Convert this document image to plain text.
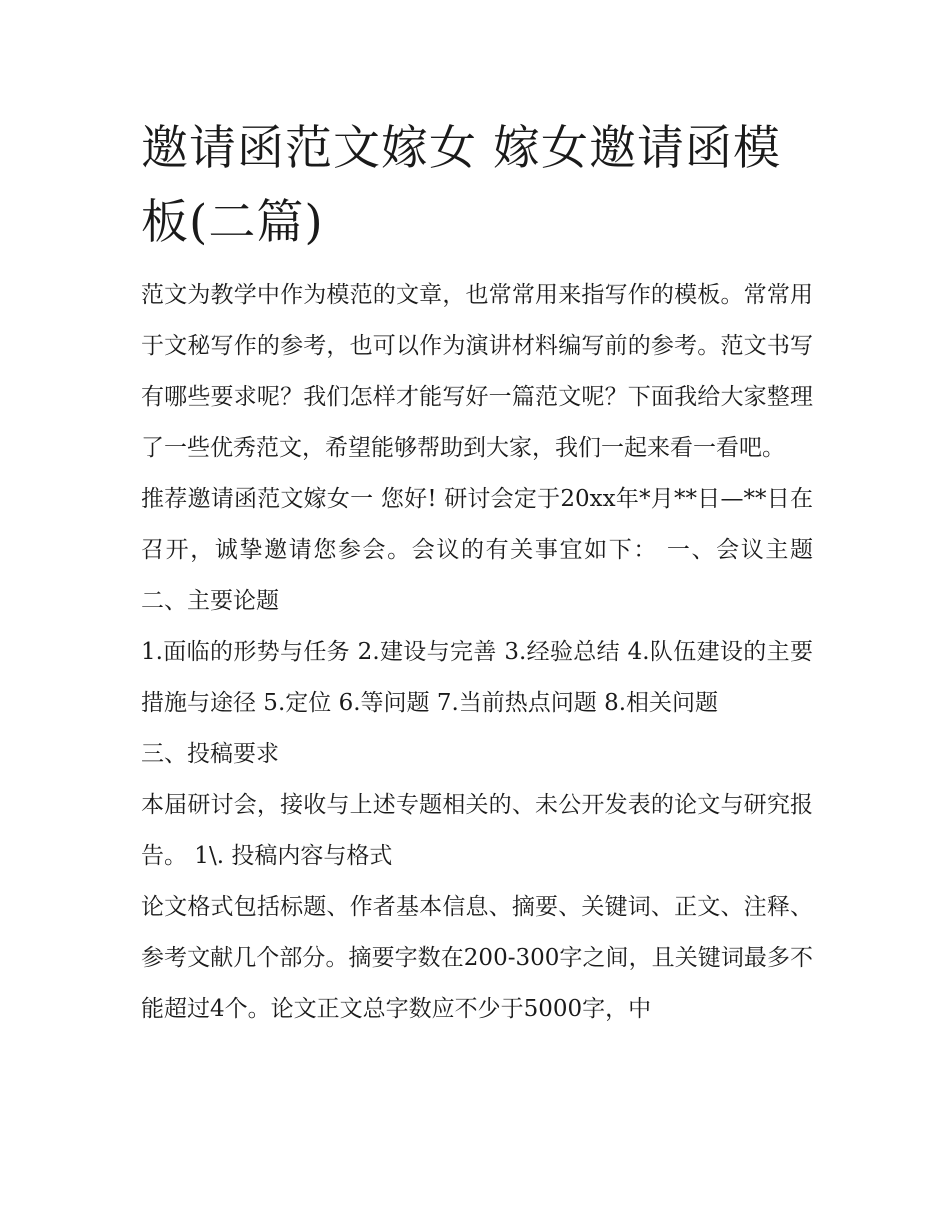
邀请函范文嫁女 嫁女邀请函模板(二篇)

范文为教学中作为模范的文章，也常常用来指写作的模板。常常用于文秘写作的参考，也可以作为演讲材料编写前的参考。范文书写有哪些要求呢？我们怎样才能写好一篇范文呢？下面我给大家整理了一些优秀范文，希望能够帮助到大家，我们一起来看一看吧。

推荐邀请函范文嫁女一 您好! 研讨会定于20xx年*月**日—**日在召开，诚挚邀请您参会。会议的有关事宜如下： 一、会议主题 二、主要论题

1.面临的形势与任务 2.建设与完善 3.经验总结 4.队伍建设的主要措施与途径 5.定位 6.等问题 7.当前热点问题 8.相关问题

三、投稿要求

本届研讨会，接收与上述专题相关的、未公开发表的论文与研究报告。 1\. 投稿内容与格式

论文格式包括标题、作者基本信息、摘要、关键词、正文、注释、参考文献几个部分。摘要字数在200-300字之间，且关键词最多不能超过4个。论文正文总字数应不少于5000字，中
